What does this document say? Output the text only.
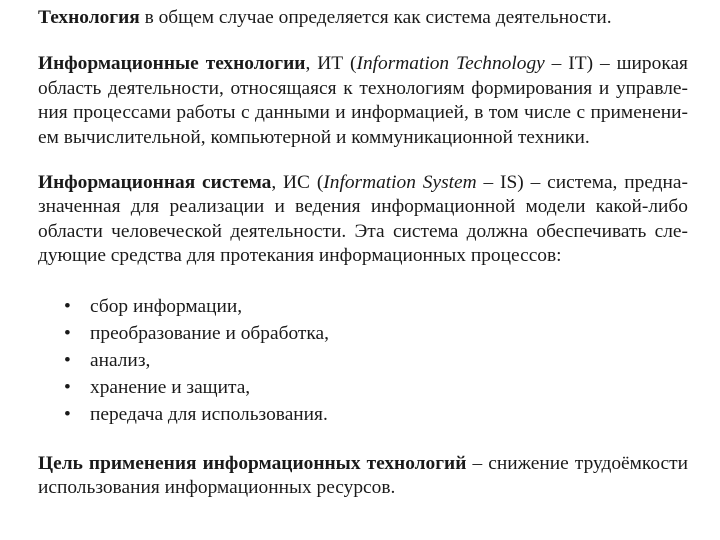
Технология в общем случае определяется как система деятельности.

Информационные технологии, ИТ (Information Technology – IT) – широкая
область деятельности, относящаяся к технологиям формирования и управле-
ния процессами работы с данными и информацией, в том числе с применени-
ем вычислительной, компьютерной и коммуникационной техники.

Информационная система, ИС (Information System – IS) – система, предна-
значенная для реализации и ведения информационной модели какой-либо
области человеческой деятельности. Эта система должна обеспечивать сле-
дующие средства для протекания информационных процессов:

• сбор информации,
• преобразование и обработка,
• анализ,
• хранение и защита,
• передача для использования.

Цель применения информационных технологий – снижение трудоёмкости
использования информационных ресурсов.
